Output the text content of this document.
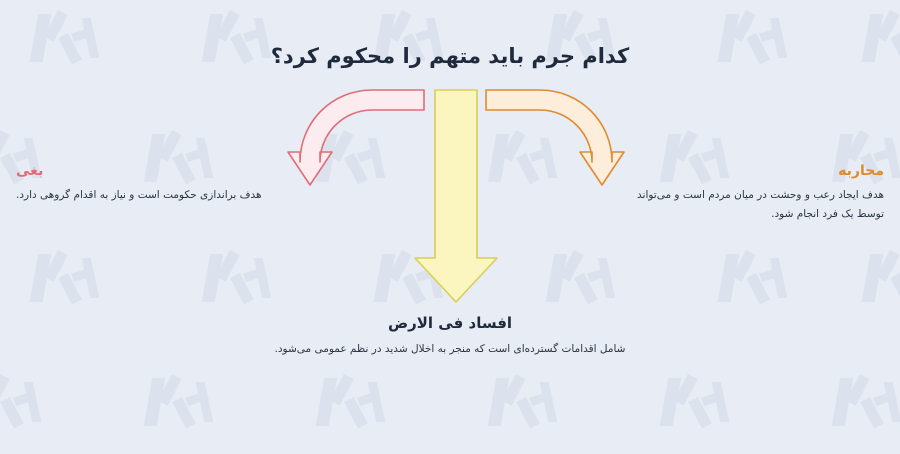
کدام جرم باید متهم را محکوم کرد؟
بغی
هدف براندازی حکومت است و نیاز به اقدام گروهی دارد.
محاربه
هدف ایجاد رعب و وحشت در میان مردم است و می‌تواند توسط یک فرد انجام شود.
افساد فی الارض
شامل اقدامات گسترده‌ای است که منجر به اخلال شدید در نظم عمومی می‌شود.
